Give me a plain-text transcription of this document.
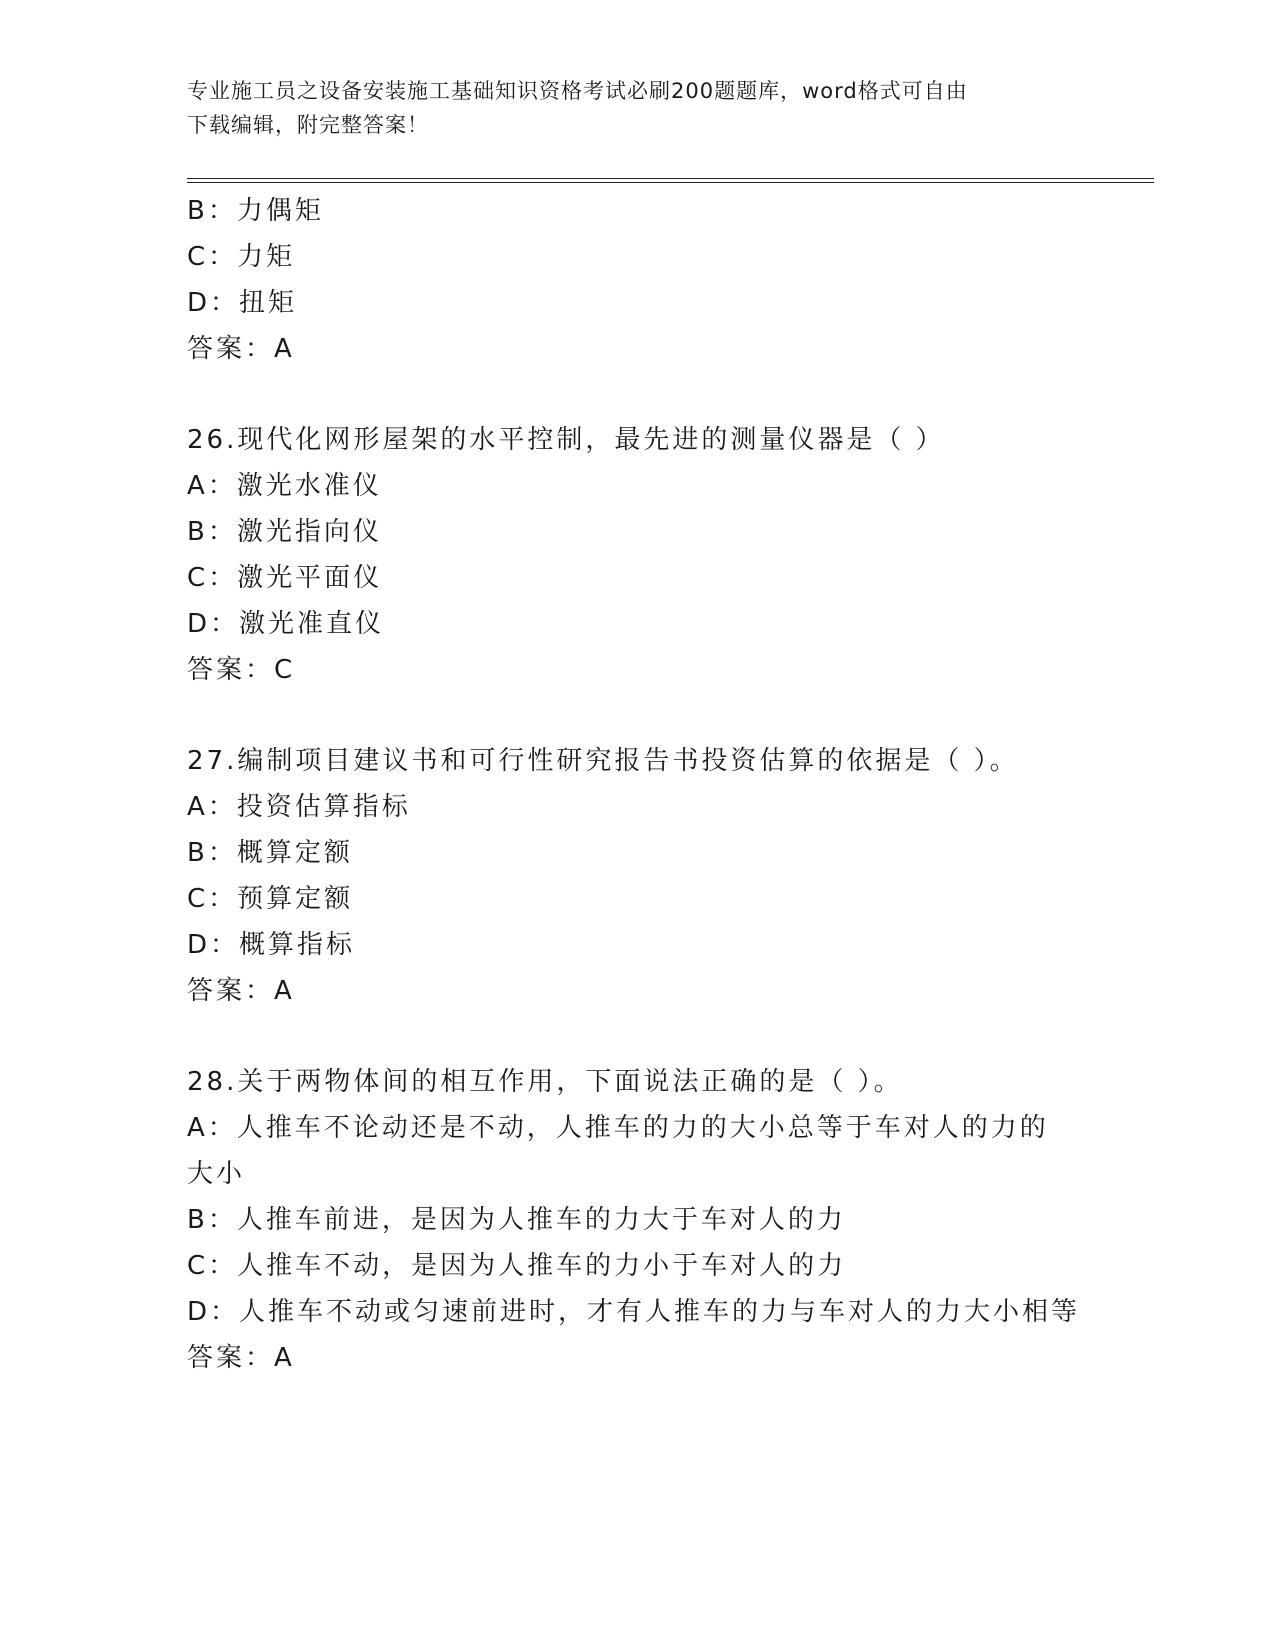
专业施工员之设备安装施工基础知识资格考试必刷200题题库，word格式可自由
下载编辑，附完整答案！
B：力偶矩
C：力矩
D：扭矩
答案：A
26.现代化网形屋架的水平控制，最先进的测量仪器是（ ）
A：激光水准仪
B：激光指向仪
C：激光平面仪
D：激光准直仪
答案：C
27.编制项目建议书和可行性研究报告书投资估算的依据是（ ）。
A：投资估算指标
B：概算定额
C：预算定额
D：概算指标
答案：A
28.关于两物体间的相互作用，下面说法正确的是（ ）。
A：人推车不论动还是不动，人推车的力的大小总等于车对人的力的大小
B：人推车前进，是因为人推车的力大于车对人的力
C：人推车不动，是因为人推车的力小于车对人的力
D：人推车不动或匀速前进时，才有人推车的力与车对人的力大小相等
答案：A
